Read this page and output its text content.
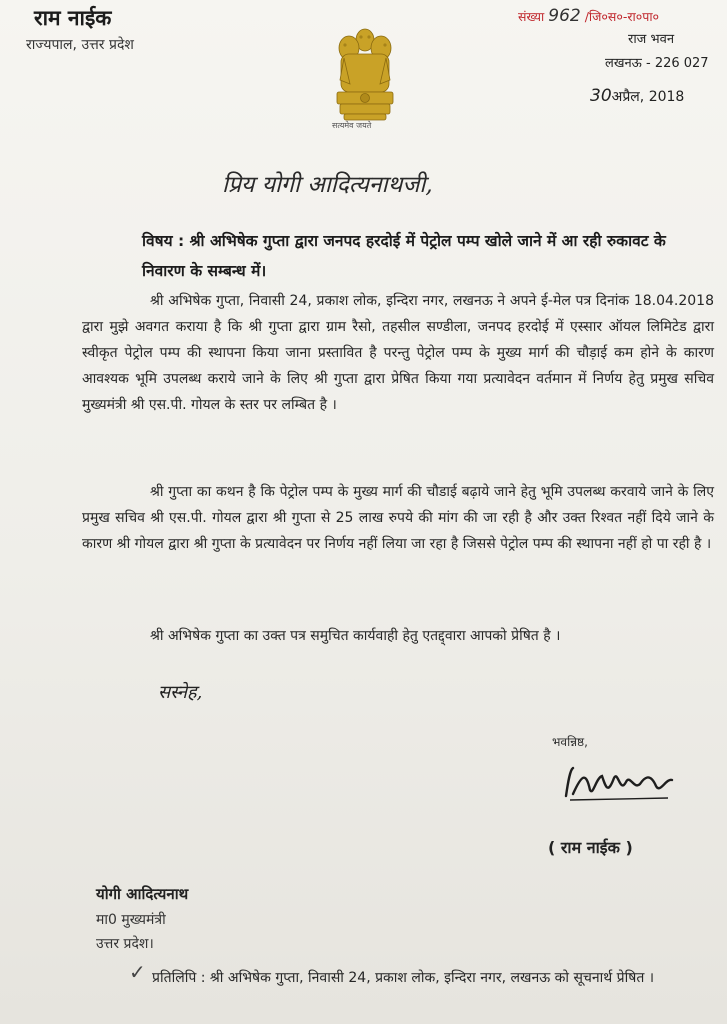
राम नाईक
राज्यपाल, उत्तर प्रदेश
संख्या 962 /जि०स०-रा०पा०
राज भवन
लखनऊ - 226 027
30अप्रैल, 2018
सत्यमेव जयते
प्रिय योगी आदित्यनाथजी,
विषय : श्री अभिषेक गुप्ता द्वारा जनपद हरदोई में पेट्रोल पम्प खोले जाने में आ रही रुकावट के निवारण के सम्बन्ध में।
श्री अभिषेक गुप्ता, निवासी 24, प्रकाश लोक, इन्दिरा नगर, लखनऊ ने अपने ई-मेल पत्र दिनांक 18.04.2018 द्वारा मुझे अवगत कराया है कि श्री गुप्ता द्वारा ग्राम रैसो, तहसील सण्डीला, जनपद हरदोई में एस्सार ऑयल लिमिटेड द्वारा स्वीकृत पेट्रोल पम्प की स्थापना किया जाना प्रस्तावित है परन्तु पेट्रोल पम्प के मुख्य मार्ग की चौड़ाई कम होने के कारण आवश्यक भूमि उपलब्ध कराये जाने के लिए श्री गुप्ता द्वारा प्रेषित किया गया प्रत्यावेदन वर्तमान में निर्णय हेतु प्रमुख सचिव मुख्यमंत्री श्री एस.पी. गोयल के स्तर पर लम्बित है ।
श्री गुप्ता का कथन है कि पेट्रोल पम्प के मुख्य मार्ग की चौडाई बढ़ाये जाने हेतु भूमि उपलब्ध करवाये जाने के लिए प्रमुख सचिव श्री एस.पी. गोयल द्वारा श्री गुप्ता से 25 लाख रुपये की मांग की जा रही है और उक्त रिश्वत नहीं दिये जाने के कारण श्री गोयल द्वारा श्री गुप्ता के प्रत्यावेदन पर निर्णय नहीं लिया जा रहा है जिससे पेट्रोल पम्प की स्थापना नहीं हो पा रही है ।
श्री अभिषेक गुप्ता का उक्त पत्र समुचित कार्यवाही हेतु एतद्द्वारा आपको प्रेषित है ।
सस्नेह,
भवन्निष्ठ,
( राम नाईक )
योगी आदित्यनाथ
मा0 मुख्यमंत्री
उत्तर प्रदेश।
✓ प्रतिलिपि : श्री अभिषेक गुप्ता, निवासी 24, प्रकाश लोक, इन्दिरा नगर, लखनऊ को सूचनार्थ प्रेषित ।
